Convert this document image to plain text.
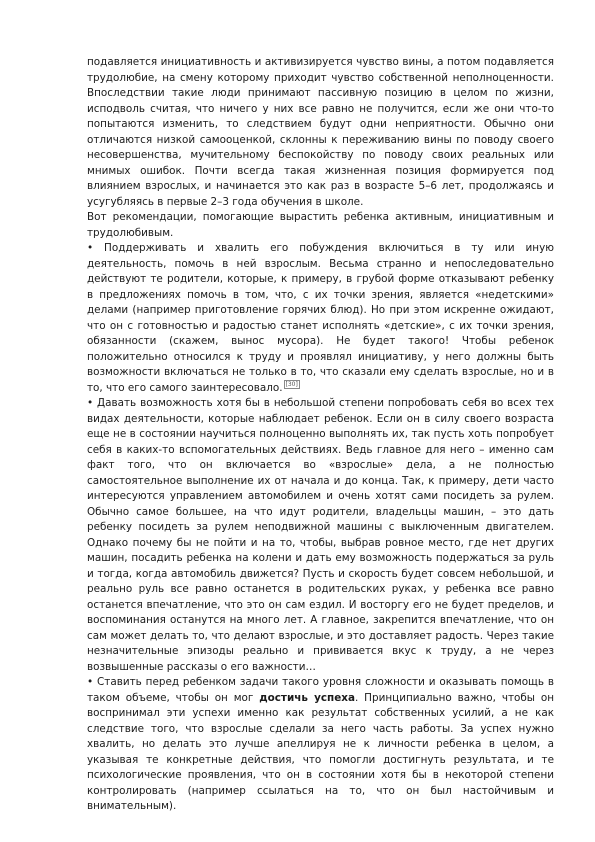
подавляется инициативность и активизируется чувство вины, а потом подавляется трудолюбие, на смену которому приходит чувство собственной неполноценности. Впоследствии такие люди принимают пассивную позицию в целом по жизни, исподволь считая, что ничего у них все равно не получится, если же они что-то попытаются изменить, то следствием будут одни неприятности. Обычно они отличаются низкой самооценкой, склонны к переживанию вины по поводу своего несовершенства, мучительному беспокойству по поводу своих реальных или мнимых ошибок. Почти всегда такая жизненная позиция формируется под влиянием взрослых, и начинается это как раз в возрасте 5–6 лет, продолжаясь и усугубляясь в первые 2–3 года обучения в школе.

Вот рекомендации, помогающие вырастить ребенка активным, инициативным и трудолюбивым.

• Поддерживать и хвалить его побуждения включиться в ту или иную деятельность, помочь в ней взрослым. Весьма странно и непоследовательно действуют те родители, которые, к примеру, в грубой форме отказывают ребенку в предложениях помочь в том, что, с их точки зрения, является «недетскими» делами (например приготовление горячих блюд). Но при этом искренне ожидают, что он с готовностью и радостью станет исполнять «детские», с их точки зрения, обязанности (скажем, вынос мусора). Не будет такого! Чтобы ребенок положительно относился к труду и проявлял инициативу, у него должны быть возможности включаться не только в то, что сказали ему сделать взрослые, но и в то, что его самого заинтересовало. [30]

• Давать возможность хотя бы в небольшой степени попробовать себя во всех тех видах деятельности, которые наблюдает ребенок. Если он в силу своего возраста еще не в состоянии научиться полноценно выполнять их, так пусть хоть попробует себя в каких-то вспомогательных действиях. Ведь главное для него – именно сам факт того, что он включается во «взрослые» дела, а не полностью самостоятельное выполнение их от начала и до конца. Так, к примеру, дети часто интересуются управлением автомобилем и очень хотят сами посидеть за рулем. Обычно самое большее, на что идут родители, владельцы машин, – это дать ребенку посидеть за рулем неподвижной машины с выключенным двигателем. Однако почему бы не пойти и на то, чтобы, выбрав ровное место, где нет других машин, посадить ребенка на колени и дать ему возможность подержаться за руль и тогда, когда автомобиль движется? Пусть и скорость будет совсем небольшой, и реально руль все равно останется в родительских руках, у ребенка все равно останется впечатление, что это он сам ездил. И восторгу его не будет пределов, и воспоминания останутся на много лет. А главное, закрепится впечатление, что он сам может делать то, что делают взрослые, и это доставляет радость. Через такие незначительные эпизоды реально и прививается вкус к труду, а не через возвышенные рассказы о его важности…

• Ставить перед ребенком задачи такого уровня сложности и оказывать помощь в таком объеме, чтобы он мог достичь успеха. Принципиально важно, чтобы он воспринимал эти успехи именно как результат собственных усилий, а не как следствие того, что взрослые сделали за него часть работы. За успех нужно хвалить, но делать это лучше апеллируя не к личности ребенка в целом, а указывая те конкретные действия, что помогли достигнуть результата, и те психологические проявления, что он в состоянии хотя бы в некоторой степени контролировать (например ссылаться на то, что он был настойчивым и внимательным).
